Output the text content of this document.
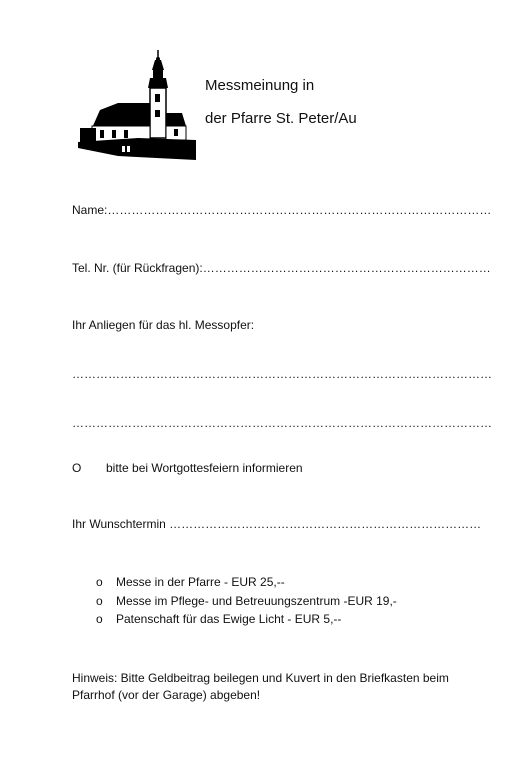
Messmeinung in
der Pfarre St. Peter/Au
Name:……………………………………………………………………………………
Tel. Nr. (für Rückfragen):………………………………………………………………
Ihr Anliegen für das hl. Messopfer:
……………………………………………………………………………………………
……………………………………………………………………………………………
O bitte bei Wortgottesfeiern informieren
Ihr Wunschtermin ……………………………………………………………………
o Messe in der Pfarre - EUR 25,--
o Messe im Pflege- und Betreuungszentrum -EUR 19,-
o Patenschaft für das Ewige Licht - EUR 5,--
Hinweis: Bitte Geldbeitrag beilegen und Kuvert in den Briefkasten beim Pfarrhof (vor der Garage) abgeben!
